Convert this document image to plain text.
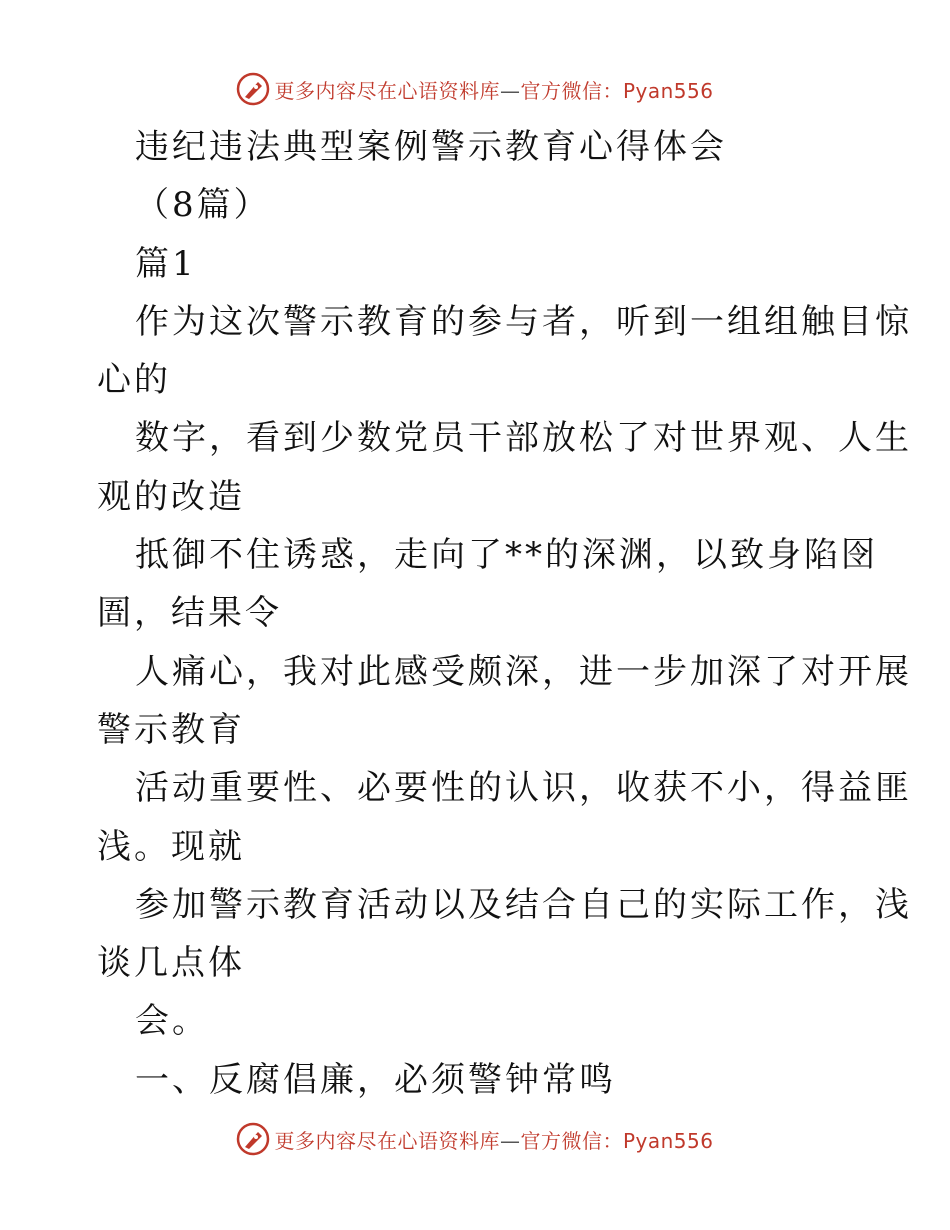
更多内容尽在心语资料库—官方微信：Pyan556
违纪违法典型案例警示教育心得体会
（8篇）
篇1
作为这次警示教育的参与者，听到一组组触目惊
心的
数字，看到少数党员干部放松了对世界观、人生
观的改造
抵御不住诱惑，走向了**的深渊，以致身陷囹
圄，结果令
人痛心，我对此感受颇深，进一步加深了对开展
警示教育
活动重要性、必要性的认识，收获不小，得益匪
浅。现就
参加警示教育活动以及结合自己的实际工作，浅
谈几点体
会。
一、反腐倡廉，必须警钟常鸣
更多内容尽在心语资料库—官方微信：Pyan556
